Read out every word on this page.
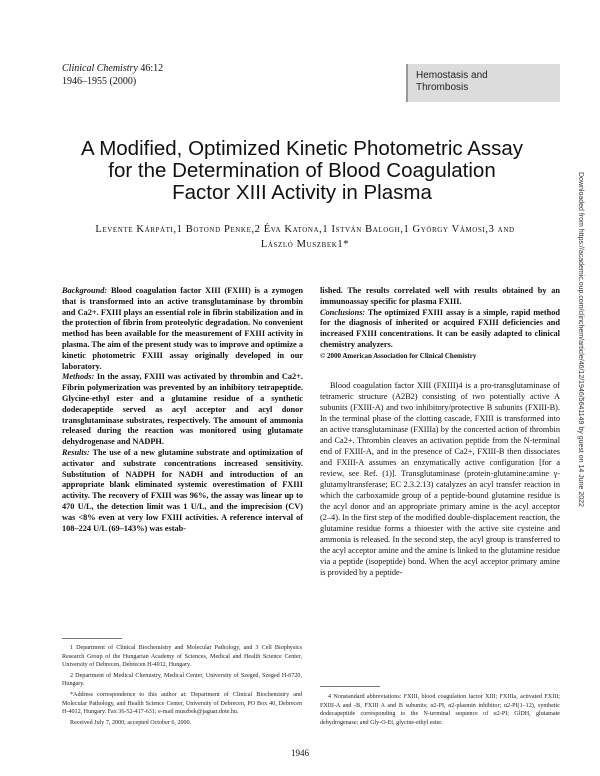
Clinical Chemistry 46:12
1946–1955 (2000)
Hemostasis and
Thrombosis
A Modified, Optimized Kinetic Photometric Assay
for the Determination of Blood Coagulation
Factor XIII Activity in Plasma
Levente Kárpáti,1 Botond Penke,2 Éva Katona,1 István Balogh,1 György Vámosi,3 and
László Muszbek1*

Background: Blood coagulation factor XIII (FXIII) is a zymogen that is transformed into an active transglutaminase by thrombin and Ca2+. FXIII plays an essential role in fibrin stabilization and in the protection of fibrin from proteolytic degradation. No convenient method has been available for the measurement of FXIII activity in plasma. The aim of the present study was to improve and optimize a kinetic photometric FXIII assay originally developed in our laboratory.

Methods: In the assay, FXIII was activated by thrombin and Ca2+. Fibrin polymerization was prevented by an inhibitory tetrapeptide. Glycine-ethyl ester and a glutamine residue of a synthetic dodecapeptide served as acyl acceptor and acyl donor transglutaminase substrates, respectively. The amount of ammonia released during the reaction was monitored using glutamate dehydrogenase and NADPH.

Results: The use of a new glutamine substrate and optimization of activator and substrate concentrations increased sensitivity. Substitution of NADPH for NADH and introduction of an appropriate blank eliminated systemic overestimation of FXIII activity. The recovery of FXIII was 96%, the assay was linear up to 470 U/L, the detection limit was 1 U/L, and the imprecision (CV) was <8% even at very low FXIII activities. A reference interval of 108–224 U/L (69–143%) was estab-

lished. The results correlated well with results obtained by an immunoassay specific for plasma FXIII.

Conclusions: The optimized FXIII assay is a simple, rapid method for the diagnosis of inherited or acquired FXIII deficiencies and increased FXIII concentrations. It can be easily adapted to clinical chemistry analyzers.

© 2000 American Association for Clinical Chemistry

Blood coagulation factor XIII (FXIII)4 is a pro-transglutaminase of tetrameric structure (A2B2) consisting of two potentially active A subunits (FXIII-A) and two inhibitory/protective B subunits (FXIII-B). In the terminal phase of the clotting cascade, FXIII is transformed into an active transglutaminase (FXIIIa) by the concerted action of thrombin and Ca2+. Thrombin cleaves an activation peptide from the N-terminal end of FXIII-A, and in the presence of Ca2+, FXIII-B then dissociates and FXIII-A assumes an enzymatically active configuration [for a review, see Ref. (1)]. Transglutaminase (protein-glutamine:amine γ-glutamyltransferase; EC 2.3.2.13) catalyzes an acyl transfer reaction in which the carboxamide group of a peptide-bound glutamine residue is the acyl donor and an appropriate primary amine is the acyl acceptor (2–4). In the first step of the modified double-displacement reaction, the glutamine residue forms a thioester with the active site cysteine and ammonia is released. In the second step, the acyl group is transferred to the acyl acceptor amine and the amine is linked to the glutamine residue via a peptide (isopeptide) bond. When the acyl acceptor primary amine is provided by a peptide-

1 Department of Clinical Biochemistry and Molecular Pathology, and 3 Cell Biophysics Research Group of the Hungarian Academy of Sciences, Medical and Health Science Center, University of Debrecen, Debrecen H-4012, Hungary.

2 Department of Medical Chemistry, Medical Center, University of Szeged, Szeged H-6720, Hungary.

*Address correspondence to this author at: Department of Clinical Biochemistry and Molecular Pathology, and Health Science Center, University of Debrecen, PO Box 40, Debrecen H-4012, Hungary. Fax 36-52-417-631; e-mail muszbek@jaguar.dote.hu.

Received July 7, 2000; accepted October 6, 2000.

4 Nonstandard abbreviations: FXIII, blood coagulation factor XIII; FXIIIa, activated FXIII; FXIII-A and -B, FXIII A and B subunits; α2-PI, α2-plasmin inhibitor; α2-PI(1–12), synthetic dodecapeptide corresponding to the N-terminal sequence of α2-PI; GlDH, glutamate dehydrogenase; and Gly-O-Et, glycine-ethyl ester.

1946
Downloaded from https://academic.oup.com/clinchem/article/46/12/1946/5641149 by guest on 14 June 2022
